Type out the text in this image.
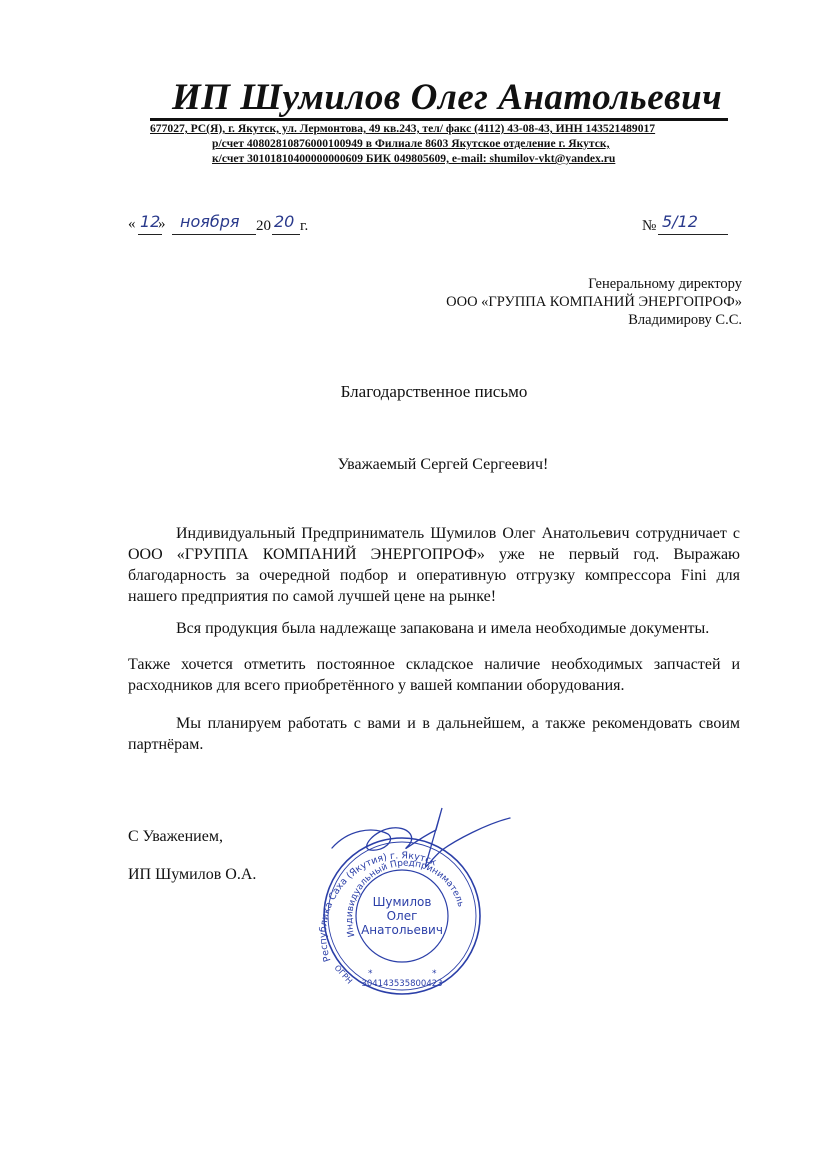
ИП Шумилов Олег Анатольевич
677027, РС(Я), г. Якутск, ул. Лермонтова, 49 кв.243, тел/ факс (4112) 43-08-43, ИНН 143521489017
р/счет 40802810876000100949 в Филиале 8603 Якутское отделение г. Якутск,
к/счет 30101810400000000609 БИК 049805609, e-mail: shumilov-vkt@yandex.ru
« 12
» ноября 20 20 г.	№ 5/12
Генеральному директору
ООО «ГРУППА КОМПАНИЙ ЭНЕРГОПРОФ»
Владимирову С.С.
Благодарственное письмо
Уважаемый Сергей Сергеевич!
Индивидуальный Предприниматель Шумилов Олег Анатольевич сотрудничает с ООО «ГРУППА КОМПАНИЙ ЭНЕРГОПРОФ» уже не первый год. Выражаю благодарность за очередной подбор и оперативную отгрузку компрессора Fini для нашего предприятия по самой лучшей цене на рынке!
Вся продукция была надлежаще запакована и имела необходимые документы.
Также хочется отметить постоянное складское наличие необходимых запчастей и расходников для всего приобретённого у вашей компании оборудования.
Мы планируем работать с вами и в дальнейшем, а также рекомендовать своим партнёрам.
С Уважением,
ИП Шумилов О.А.
Республика Саха (Якутия) г. Якутск
Индивидуальный Предприниматель
Шумилов
Олег
Анатольевич
ОГРН 304143535800423
*	*
